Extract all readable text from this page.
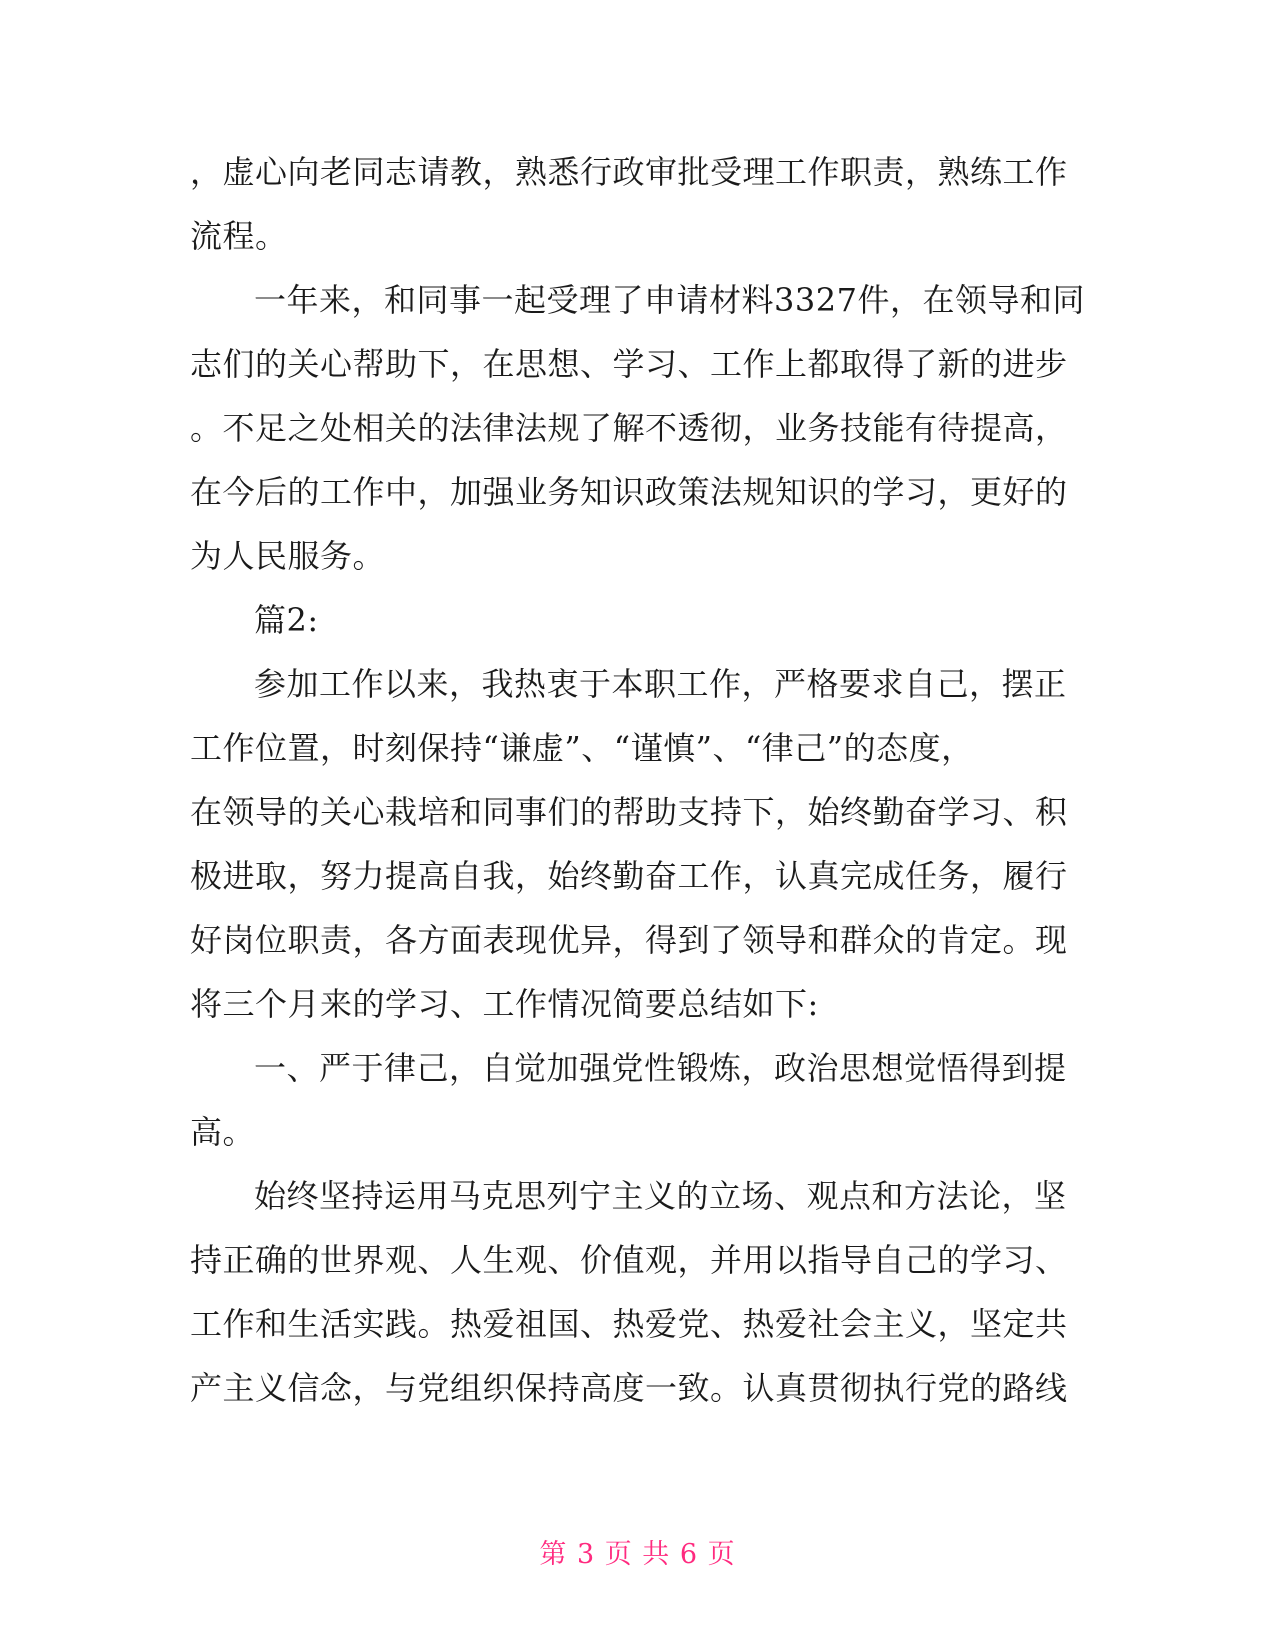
，虚心向老同志请教，熟悉行政审批受理工作职责，熟练工作
流程。
一年来，和同事一起受理了申请材料3327件，在领导和同
志们的关心帮助下，在思想、学习、工作上都取得了新的进步
。不足之处相关的法律法规了解不透彻，业务技能有待提高，
在今后的工作中，加强业务知识政策法规知识的学习，更好的
为人民服务。
篇2:
参加工作以来，我热衷于本职工作，严格要求自己，摆正
工作位置，时刻保持“谦虚”、“谨慎”、“律己”的态度，
在领导的关心栽培和同事们的帮助支持下，始终勤奋学习、积
极进取，努力提高自我，始终勤奋工作，认真完成任务，履行
好岗位职责，各方面表现优异，得到了领导和群众的肯定。现
将三个月来的学习、工作情况简要总结如下:
一、严于律己，自觉加强党性锻炼，政治思想觉悟得到提
高。
始终坚持运用马克思列宁主义的立场、观点和方法论，坚
持正确的世界观、人生观、价值观，并用以指导自己的学习、
工作和生活实践。热爱祖国、热爱党、热爱社会主义，坚定共
产主义信念，与党组织保持高度一致。认真贯彻执行党的路线
第 3 页 共 6 页
